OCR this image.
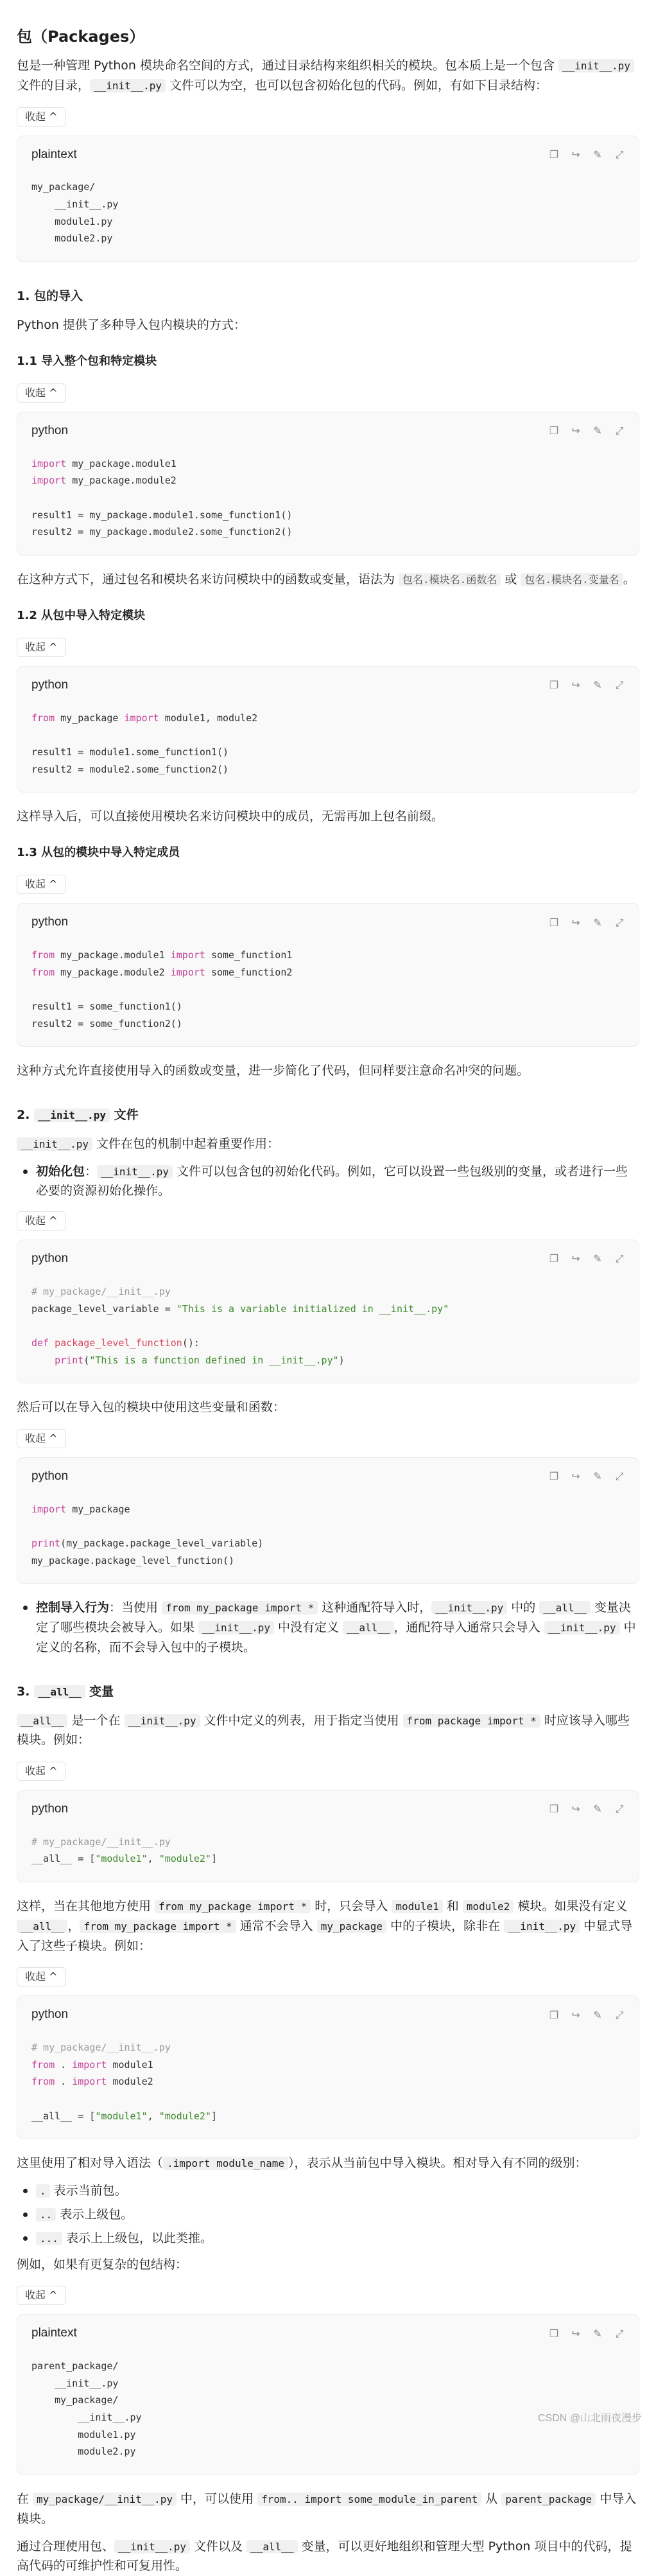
包（Packages）

包是一种管理 Python 模块命名空间的方式，通过目录结构来组织相关的模块。包本质上是一个包含 __init__.py 文件的目录， __init__.py 文件可以为空，也可以包含初始化包的代码。例如，有如下目录结构：

收起 ^
plaintext	❐ ↪ ✎ ⤢
my_package/
__init__.py
module1.py
module2.py
1. 包的导入

Python 提供了多种导入包内模块的方式：

1.1 导入整个包和特定模块
收起 ^
python	❐ ↪ ✎ ⤢
import my_package.module1
import my_package.module2

result1 = my_package.module1.some_function1()
result2 = my_package.module2.some_function2()

在这种方式下，通过包名和模块名来访问模块中的函数或变量，语法为 包名.模块名.函数名 或 包名.模块名.变量名 。

1.2 从包中导入特定模块
收起 ^
python	❐ ↪ ✎ ⤢
from my_package import module1, module2

result1 = module1.some_function1()
result2 = module2.some_function2()

这样导入后，可以直接使用模块名来访问模块中的成员，无需再加上包名前缀。

1.3 从包的模块中导入特定成员
收起 ^
python	❐ ↪ ✎ ⤢
from my_package.module1 import some_function1
from my_package.module2 import some_function2

result1 = some_function1()
result2 = some_function2()

这种方式允许直接使用导入的函数或变量，进一步简化了代码，但同样要注意命名冲突的问题。

2. __init__.py 文件

__init__.py 文件在包的机制中起着重要作用：

初始化包： __init__.py 文件可以包含包的初始化代码。例如，它可以设置一些包级别的变量，或者进行一些必要的资源初始化操作。
收起 ^
python	❐ ↪ ✎ ⤢
# my_package/__init__.py
package_level_variable = "This is a variable initialized in __init__.py"

def package_level_function():
print("This is a function defined in __init__.py")

然后可以在导入包的模块中使用这些变量和函数：

收起 ^
python	❐ ↪ ✎ ⤢
import my_package

print(my_package.package_level_variable)
my_package.package_level_function()
控制导入行为：当使用 from my_package import * 这种通配符导入时， __init__.py 中的 __all__ 变量决定了哪些模块会被导入。如果 __init__.py 中没有定义 __all__ ，通配符导入通常只会导入 __init__.py 中定义的名称，而不会导入包中的子模块。
3. __all__ 变量

__all__ 是一个在 __init__.py 文件中定义的列表，用于指定当使用 from package import * 时应该导入哪些模块。例如：

收起 ^
python	❐ ↪ ✎ ⤢
# my_package/__init__.py
__all__ = ["module1", "module2"]

这样，当在其他地方使用 from my_package import * 时，只会导入 module1 和 module2 模块。如果没有定义 __all__ ， from my_package import * 通常不会导入 my_package 中的子模块，除非在 __init__.py 中显式导入了这些子模块。例如：

收起 ^
python	❐ ↪ ✎ ⤢
# my_package/__init__.py
from . import module1
from . import module2

__all__ = ["module1", "module2"]

这里使用了相对导入语法（ .import module_name ），表示从当前包中导入模块。相对导入有不同的级别：

. 表示当前包。
.. 表示上级包。
... 表示上上级包，以此类推。

例如，如果有更复杂的包结构：

收起 ^
plaintext	❐ ↪ ✎ ⤢
parent_package/
__init__.py
my_package/
__init__.py
module1.py
module2.py

在 my_package/__init__.py 中，可以使用 from.. import some_module_in_parent 从 parent_package 中导入模块。

通过合理使用包、 __init__.py 文件以及 __all__ 变量，可以更好地组织和管理大型 Python 项目中的代码，提高代码的可维护性和可复用性。

CSDN @山北雨夜漫步
